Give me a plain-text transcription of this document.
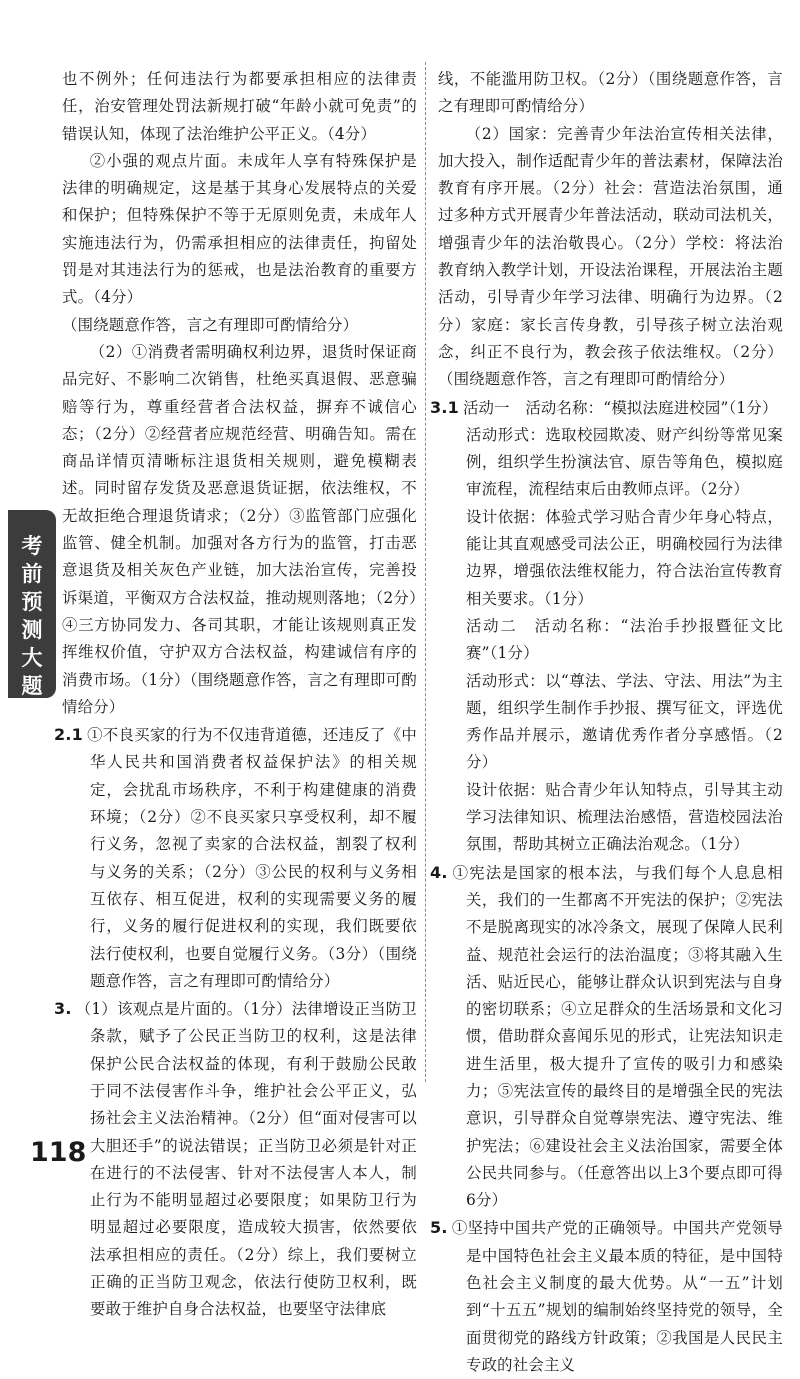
考前预测大题

也不例外；任何违法行为都要承担相应的法律责任，治安管理处罚法新规打破“年龄小就可免责”的错误认知，体现了法治维护公平正义。（4分）

②小强的观点片面。未成年人享有特殊保护是法律的明确规定，这是基于其身心发展特点的关爱和保护；但特殊保护不等于无原则免责，未成年人实施违法行为，仍需承担相应的法律责任，拘留处罚是对其违法行为的惩戒，也是法治教育的重要方式。（4分）

（围绕题意作答，言之有理即可酌情给分）

（2）①消费者需明确权利边界，退货时保证商品完好、不影响二次销售，杜绝买真退假、恶意骗赔等行为，尊重经营者合法权益，摒弃不诚信心态；（2分）②经营者应规范经营、明确告知。需在商品详情页清晰标注退货相关规则，避免模糊表述。同时留存发货及恶意退货证据，依法维权，不无故拒绝合理退货请求；（2分）③监管部门应强化监管、健全机制。加强对各方行为的监管，打击恶意退货及相关灰色产业链，加大法治宣传，完善投诉渠道，平衡双方合法权益，推动规则落地；（2分）④三方协同发力、各司其职，才能让该规则真正发挥维权价值，守护双方合法权益，构建诚信有序的消费市场。（1分）（围绕题意作答，言之有理即可酌情给分）

2.1 ①不良买家的行为不仅违背道德，还违反了《中华人民共和国消费者权益保护法》的相关规定，会扰乱市场秩序，不利于构建健康的消费环境；（2分）②不良买家只享受权利，却不履行义务，忽视了卖家的合法权益，割裂了权利与义务的关系；（2分）③公民的权利与义务相互依存、相互促进，权利的实现需要义务的履行，义务的履行促进权利的实现，我们既要依法行使权利，也要自觉履行义务。（3分）（围绕题意作答，言之有理即可酌情给分）

3. （1）该观点是片面的。（1分）法律增设正当防卫条款，赋予了公民正当防卫的权利，这是法律保护公民合法权益的体现，有利于鼓励公民敢于同不法侵害作斗争，维护社会公平正义，弘扬社会主义法治精神。（2分）但“面对侵害可以大胆还手”的说法错误；正当防卫必须是针对正在进行的不法侵害、针对不法侵害人本人，制止行为不能明显超过必要限度；如果防卫行为明显超过必要限度，造成较大损害，依然要依法承担相应的责任。（2分）综上，我们要树立正确的正当防卫观念，依法行使防卫权利，既要敢于维护自身合法权益，也要坚守法律底

线，不能滥用防卫权。（2分）（围绕题意作答，言之有理即可酌情给分）

（2）国家：完善青少年法治宣传相关法律，加大投入，制作适配青少年的普法素材，保障法治教育有序开展。（2分）社会：营造法治氛围，通过多种方式开展青少年普法活动，联动司法机关，增强青少年的法治敬畏心。（2分）学校：将法治教育纳入教学计划，开设法治课程，开展法治主题活动，引导青少年学习法律、明确行为边界。（2分）家庭：家长言传身教，引导孩子树立法治观念，纠正不良行为，教会孩子依法维权。（2分）（围绕题意作答，言之有理即可酌情给分）

3.1 活动一　活动名称：“模拟法庭进校园”（1分）

活动形式：选取校园欺凌、财产纠纷等常见案例，组织学生扮演法官、原告等角色，模拟庭审流程，流程结束后由教师点评。（2分）

设计依据：体验式学习贴合青少年身心特点，能让其直观感受司法公正，明确校园行为法律边界，增强依法维权能力，符合法治宣传教育相关要求。（1分）

活动二　活动名称：“法治手抄报暨征文比赛”（1分）

活动形式：以“尊法、学法、守法、用法”为主题，组织学生制作手抄报、撰写征文，评选优秀作品并展示，邀请优秀作者分享感悟。（2分）

设计依据：贴合青少年认知特点，引导其主动学习法律知识、梳理法治感悟，营造校园法治氛围，帮助其树立正确法治观念。（1分）

4. ①宪法是国家的根本法，与我们每个人息息相关，我们的一生都离不开宪法的保护；②宪法不是脱离现实的冰冷条文，展现了保障人民利益、规范社会运行的法治温度；③将其融入生活、贴近民心，能够让群众认识到宪法与自身的密切联系；④立足群众的生活场景和文化习惯，借助群众喜闻乐见的形式，让宪法知识走进生活里，极大提升了宣传的吸引力和感染力；⑤宪法宣传的最终目的是增强全民的宪法意识，引导群众自觉尊崇宪法、遵守宪法、维护宪法；⑥建设社会主义法治国家，需要全体公民共同参与。（任意答出以上3个要点即可得6分）

5. ①坚持中国共产党的正确领导。中国共产党领导是中国特色社会主义最本质的特征，是中国特色社会主义制度的最大优势。从“一五”计划到“十五五”规划的编制始终坚持党的领导，全面贯彻党的路线方针政策；②我国是人民民主专政的社会主义

118
